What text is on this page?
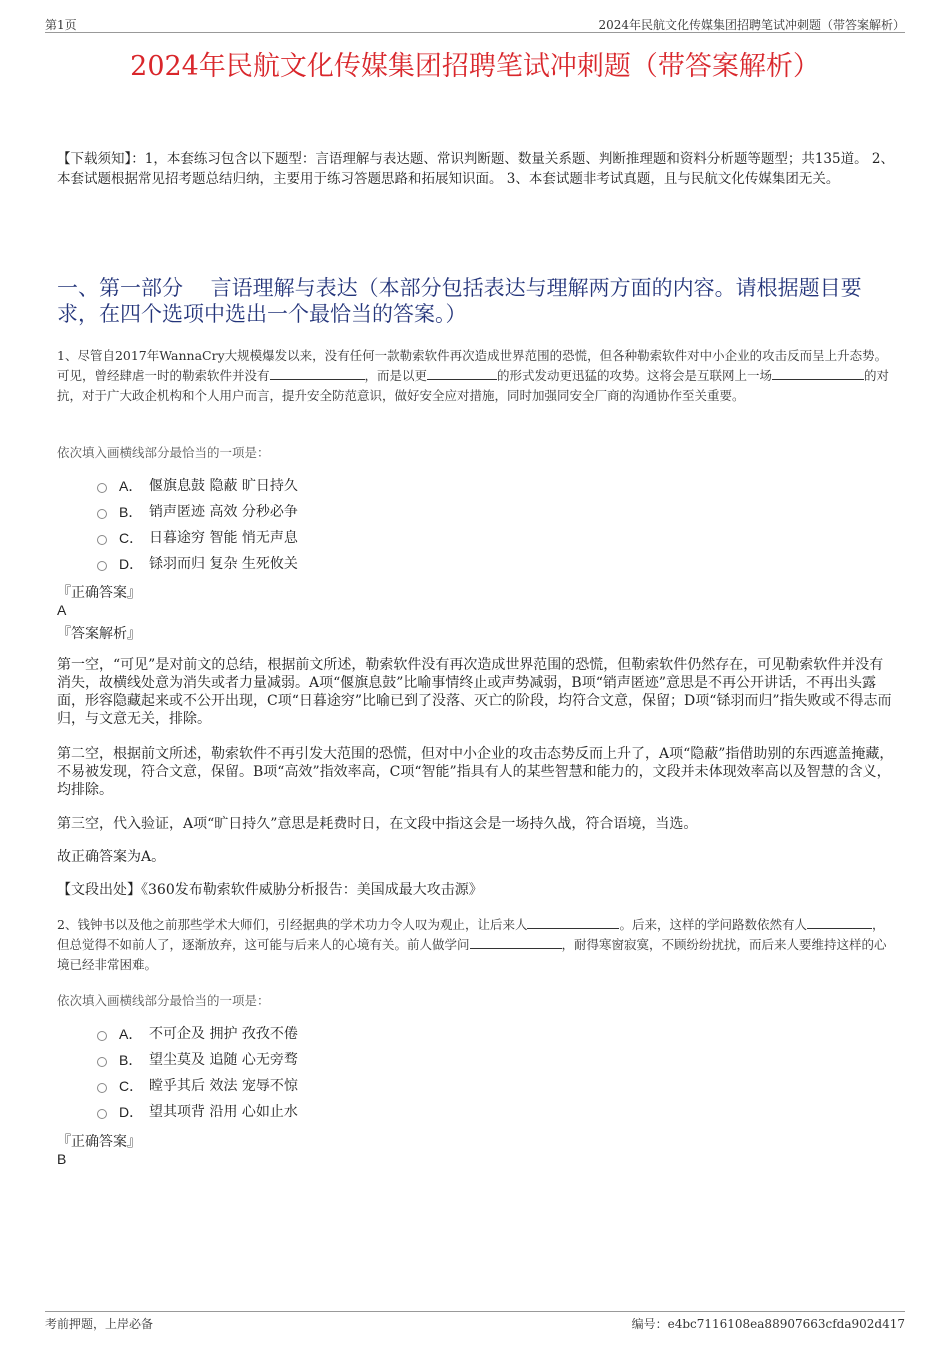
第1页	2024年民航文化传媒集团招聘笔试冲刺题（带答案解析）
2024年民航文化传媒集团招聘笔试冲刺题（带答案解析）
【下载须知】：1，本套练习包含以下题型：言语理解与表达题、常识判断题、数量关系题、判断推理题和资料分析题等题型；共135道。 2、本套试题根据常见招考题总结归纳，主要用于练习答题思路和拓展知识面。 3、本套试题非考试真题，且与民航文化传媒集团无关。
一、第一部分　 言语理解与表达（本部分包括表达与理解两方面的内容。请根据题目要求，在四个选项中选出一个最恰当的答案。）
1、尽管自2017年WannaCry大规模爆发以来，没有任何一款勒索软件再次造成世界范围的恐慌，但各种勒索软件对中小企业的攻击反而呈上升态势。可见，曾经肆虐一时的勒索软件并没有	，而是以更	的形式发动更迅猛的攻势。这将会是互联网上一场	的对抗，对于广大政企机构和个人用户而言，提升安全防范意识，做好安全应对措施，同时加强同安全厂商的沟通协作至关重要。
依次填入画横线部分最恰当的一项是：
A． 偃旗息鼓 隐蔽 旷日持久
B． 销声匿迹 高效 分秒必争
C． 日暮途穷 智能 悄无声息
D． 铩羽而归 复杂 生死攸关
『正确答案』
A
『答案解析』
第一空，“可见”是对前文的总结，根据前文所述，勒索软件没有再次造成世界范围的恐慌，但勒索软件仍然存在，可见勒索软件并没有消失，故横线处意为消失或者力量减弱。A项“偃旗息鼓”比喻事情终止或声势减弱，B项“销声匿迹”意思是不再公开讲话，不再出头露面，形容隐藏起来或不公开出现，C项“日暮途穷”比喻已到了没落、灭亡的阶段，均符合文意，保留；D项“铩羽而归”指失败或不得志而归，与文意无关，排除。
第二空，根据前文所述，勒索软件不再引发大范围的恐慌，但对中小企业的攻击态势反而上升了，A项“隐蔽”指借助别的东西遮盖掩藏，不易被发现，符合文意，保留。B项“高效”指效率高，C项“智能”指具有人的某些智慧和能力的，文段并未体现效率高以及智慧的含义，均排除。
第三空，代入验证，A项“旷日持久”意思是耗费时日，在文段中指这会是一场持久战，符合语境，当选。
故正确答案为A。
【文段出处】《360发布勒索软件威胁分析报告：美国成最大攻击源》
2、钱钟书以及他之前那些学术大师们，引经据典的学术功力令人叹为观止，让后来人	。后来，这样的学问路数依然有人	，但总觉得不如前人了，逐渐放弃，这可能与后来人的心境有关。前人做学问	，耐得寒窗寂寞，不顾纷纷扰扰，而后来人要维持这样的心境已经非常困难。
依次填入画横线部分最恰当的一项是：
A． 不可企及 拥护 孜孜不倦
B． 望尘莫及 追随 心无旁骛
C． 瞠乎其后 效法 宠辱不惊
D． 望其项背 沿用 心如止水
『正确答案』
B
考前押题，上岸必备	编号：e4bc7116108ea88907663cfda902d417
